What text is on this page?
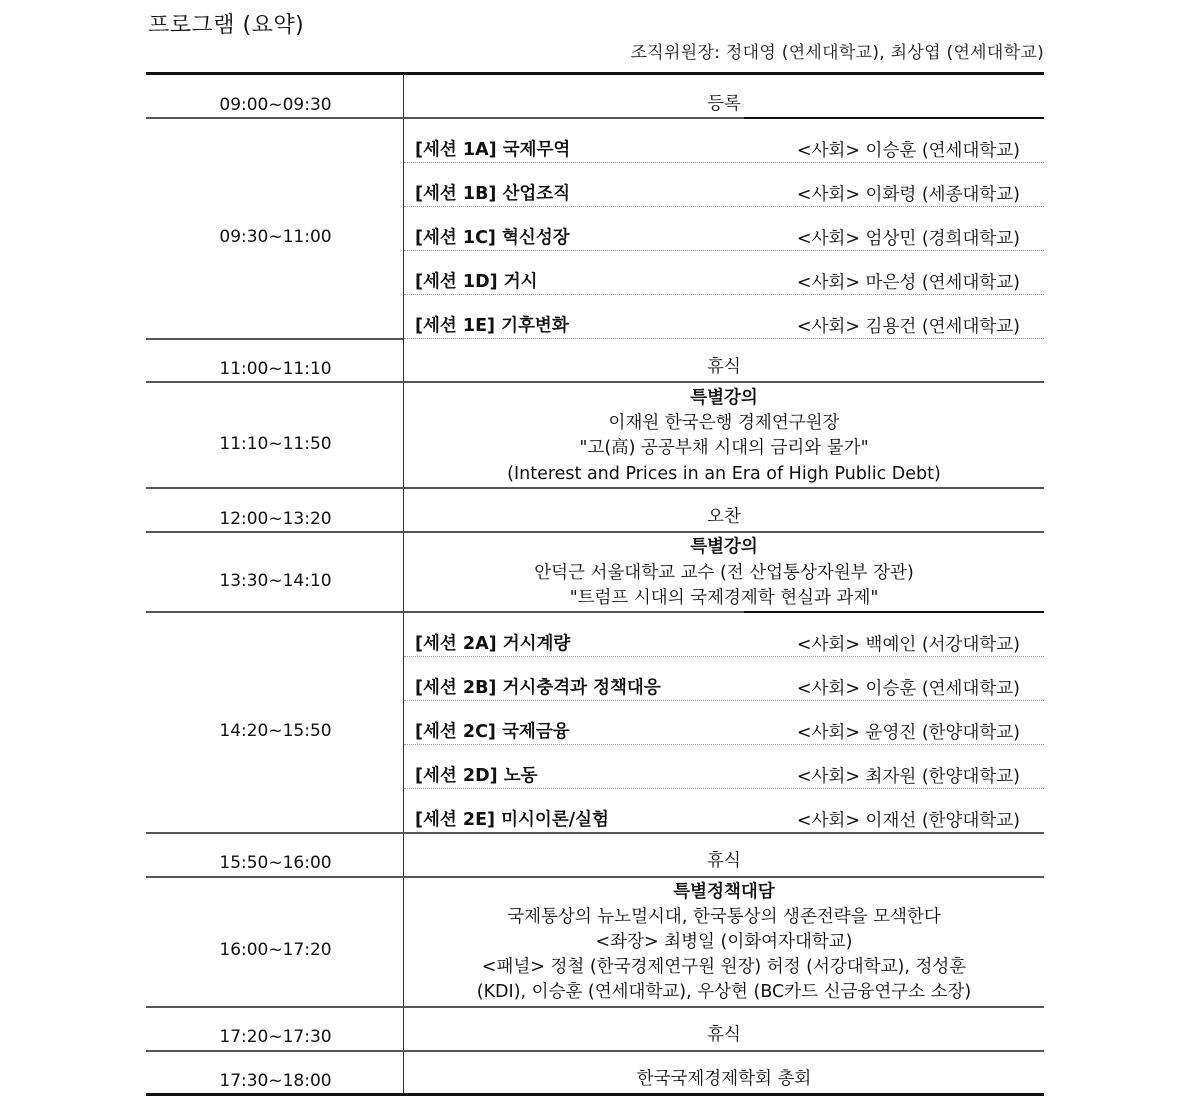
프로그램 (요약)
조직위원장: 정대영 (연세대학교), 최상엽 (연세대학교)
09:00~09:30	등록
09:30~11:00
[세션 1A] 국제무역	<사회> 이승훈 (연세대학교)
[세션 1B] 산업조직	<사회> 이화령 (세종대학교)
[세션 1C] 혁신성장	<사회> 엄상민 (경희대학교)
[세션 1D] 거시	<사회> 마은성 (연세대학교)
[세션 1E] 기후변화	<사회> 김용건 (연세대학교)
11:00~11:10	휴식
11:10~11:50
특별강의
이재원 한국은행 경제연구원장
"고(高) 공공부채 시대의 금리와 물가"
(Interest and Prices in an Era of High Public Debt)
12:00~13:20	오찬
13:30~14:10
특별강의
안덕근 서울대학교 교수 (전 산업통상자원부 장관)
"트럼프 시대의 국제경제학 현실과 과제"
14:20~15:50
[세션 2A] 거시계량	<사회> 백예인 (서강대학교)
[세션 2B] 거시충격과 정책대응	<사회> 이승훈 (연세대학교)
[세션 2C] 국제금융	<사회> 윤영진 (한양대학교)
[세션 2D] 노동	<사회> 최자원 (한양대학교)
[세션 2E] 미시이론/실험	<사회> 이재선 (한양대학교)
15:50~16:00	휴식
16:00~17:20
특별정책대담
국제통상의 뉴노멀시대, 한국통상의 생존전략을 모색한다
<좌장> 최병일 (이화여자대학교)
<패널> 정철 (한국경제연구원 원장) 허정 (서강대학교), 정성훈
(KDI), 이승훈 (연세대학교), 우상현 (BC카드 신금융연구소 소장)
17:20~17:30	휴식
17:30~18:00	한국국제경제학회 총회
